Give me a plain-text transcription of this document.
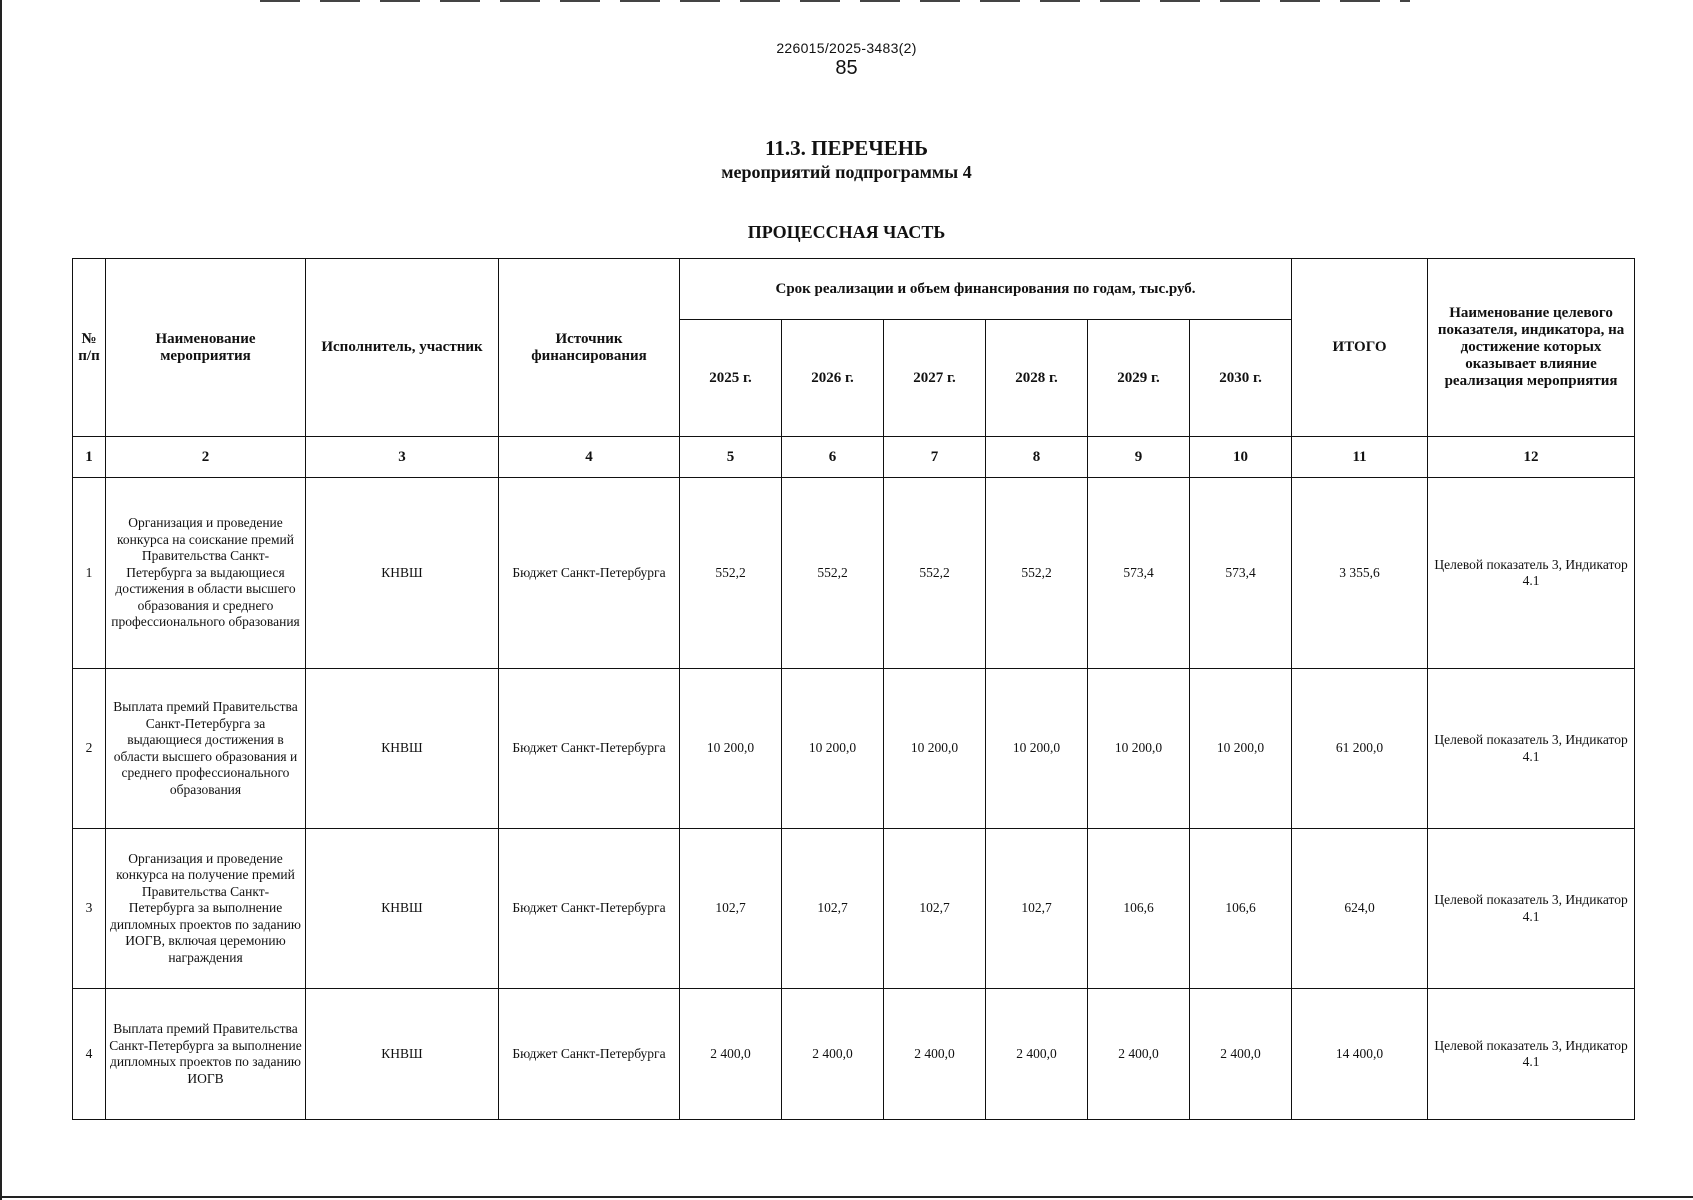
226015/2025-3483(2)
85
11.3. ПЕРЕЧЕНЬ
мероприятий подпрограммы 4
ПРОЦЕССНАЯ ЧАСТЬ
№ п/п	Наименование мероприятия	Исполнитель, участник	Источник финансирования	Срок реализации и объем финансирования по годам, тыс.руб.						ИТОГО	Наименование целевого показателя, индикатора, на достижение которых оказывает влияние реализация мероприятия
				2025 г.	2026 г.	2027 г.	2028 г.	2029 г.	2030 г.		
1	2	3	4	5	6	7	8	9	10	11	12
1	Организация и проведение конкурса на соискание премий Правительства Санкт-Петербурга за выдающиеся достижения в области высшего образования и среднего профессионального образования	КНВШ	Бюджет Санкт-Петербурга	552,2	552,2	552,2	552,2	573,4	573,4	3 355,6	Целевой показатель 3, Индикатор 4.1
2	Выплата премий Правительства Санкт-Петербурга за выдающиеся достижения в области высшего образования и среднего профессионального образования	КНВШ	Бюджет Санкт-Петербурга	10 200,0	10 200,0	10 200,0	10 200,0	10 200,0	10 200,0	61 200,0	Целевой показатель 3, Индикатор 4.1
3	Организация и проведение конкурса на получение премий Правительства Санкт-Петербурга за выполнение дипломных проектов по заданию ИОГВ, включая церемонию награждения	КНВШ	Бюджет Санкт-Петербурга	102,7	102,7	102,7	102,7	106,6	106,6	624,0	Целевой показатель 3, Индикатор 4.1
4	Выплата премий Правительства Санкт-Петербурга за выполнение дипломных проектов по заданию ИОГВ	КНВШ	Бюджет Санкт-Петербурга	2 400,0	2 400,0	2 400,0	2 400,0	2 400,0	2 400,0	14 400,0	Целевой показатель 3, Индикатор 4.1
